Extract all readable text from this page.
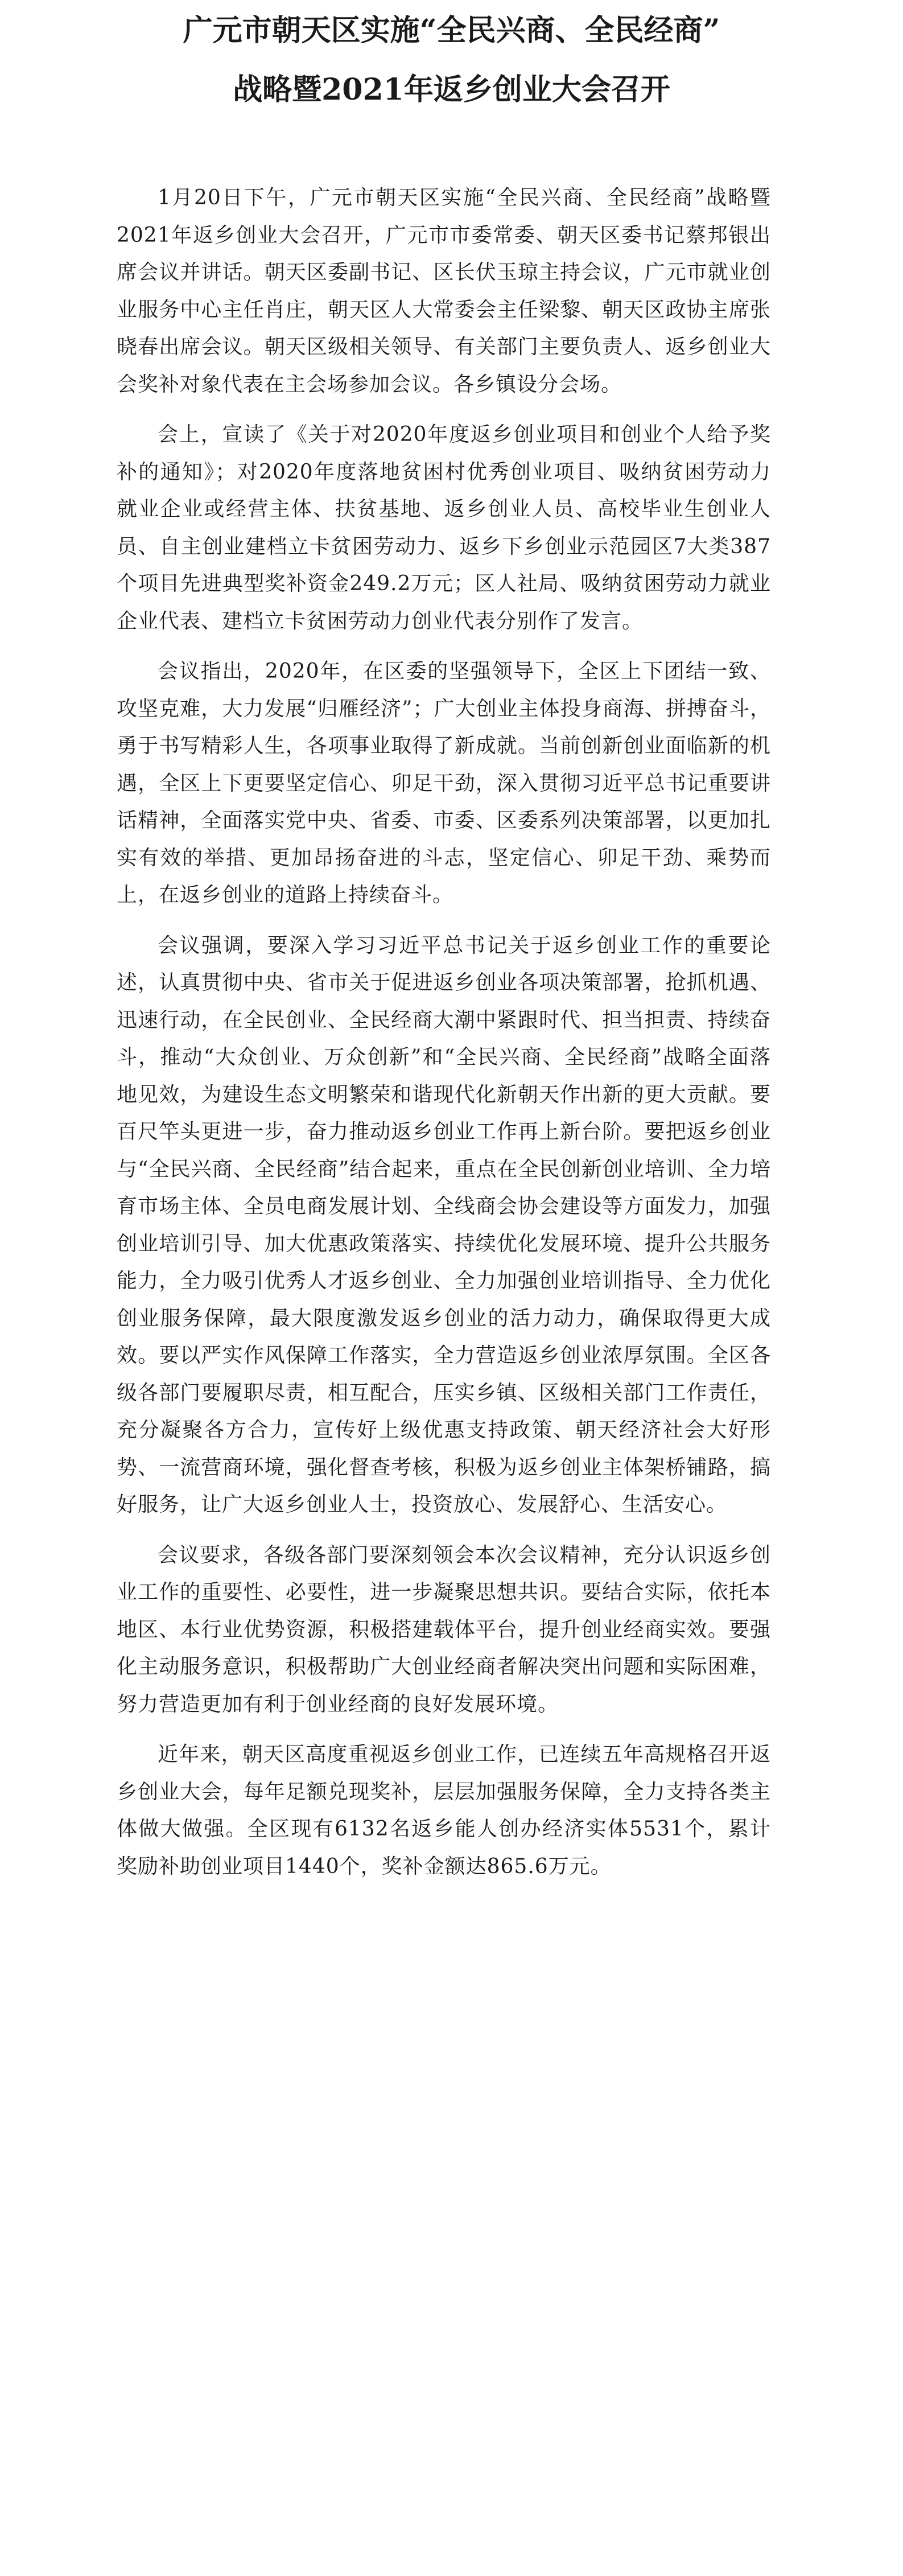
广元市朝天区实施“全民兴商、全民经商”
战略暨2021年返乡创业大会召开

1月20日下午，广元市朝天区实施“全民兴商、全民经商”战略暨2021年返乡创业大会召开，广元市市委常委、朝天区委书记蔡邦银出席会议并讲话。朝天区委副书记、区长伏玉琼主持会议，广元市就业创业服务中心主任肖庄，朝天区人大常委会主任梁黎、朝天区政协主席张晓春出席会议。朝天区级相关领导、有关部门主要负责人、返乡创业大会奖补对象代表在主会场参加会议。各乡镇设分会场。

会上，宣读了《关于对2020年度返乡创业项目和创业个人给予奖补的通知》；对2020年度落地贫困村优秀创业项目、吸纳贫困劳动力就业企业或经营主体、扶贫基地、返乡创业人员、高校毕业生创业人员、自主创业建档立卡贫困劳动力、返乡下乡创业示范园区7大类387个项目先进典型奖补资金249.2万元；区人社局、吸纳贫困劳动力就业企业代表、建档立卡贫困劳动力创业代表分别作了发言。

会议指出，2020年，在区委的坚强领导下，全区上下团结一致、攻坚克难，大力发展“归雁经济”；广大创业主体投身商海、拼搏奋斗，勇于书写精彩人生，各项事业取得了新成就。当前创新创业面临新的机遇，全区上下更要坚定信心、卯足干劲，深入贯彻习近平总书记重要讲话精神，全面落实党中央、省委、市委、区委系列决策部署，以更加扎实有效的举措、更加昂扬奋进的斗志，坚定信心、卯足干劲、乘势而上，在返乡创业的道路上持续奋斗。

会议强调，要深入学习习近平总书记关于返乡创业工作的重要论述，认真贯彻中央、省市关于促进返乡创业各项决策部署，抢抓机遇、迅速行动，在全民创业、全民经商大潮中紧跟时代、担当担责、持续奋斗，推动“大众创业、万众创新”和“全民兴商、全民经商”战略全面落地见效，为建设生态文明繁荣和谐现代化新朝天作出新的更大贡献。要百尺竿头更进一步，奋力推动返乡创业工作再上新台阶。要把返乡创业与“全民兴商、全民经商”结合起来，重点在全民创新创业培训、全力培育市场主体、全员电商发展计划、全线商会协会建设等方面发力，加强创业培训引导、加大优惠政策落实、持续优化发展环境、提升公共服务能力，全力吸引优秀人才返乡创业、全力加强创业培训指导、全力优化创业服务保障，最大限度激发返乡创业的活力动力，确保取得更大成效。要以严实作风保障工作落实，全力营造返乡创业浓厚氛围。全区各级各部门要履职尽责，相互配合，压实乡镇、区级相关部门工作责任，充分凝聚各方合力，宣传好上级优惠支持政策、朝天经济社会大好形势、一流营商环境，强化督查考核，积极为返乡创业主体架桥铺路，搞好服务，让广大返乡创业人士，投资放心、发展舒心、生活安心。

会议要求，各级各部门要深刻领会本次会议精神，充分认识返乡创业工作的重要性、必要性，进一步凝聚思想共识。要结合实际，依托本地区、本行业优势资源，积极搭建载体平台，提升创业经商实效。要强化主动服务意识，积极帮助广大创业经商者解决突出问题和实际困难，努力营造更加有利于创业经商的良好发展环境。

近年来，朝天区高度重视返乡创业工作，已连续五年高规格召开返乡创业大会，每年足额兑现奖补，层层加强服务保障，全力支持各类主体做大做强。全区现有6132名返乡能人创办经济实体5531个，累计奖励补助创业项目1440个，奖补金额达865.6万元。
